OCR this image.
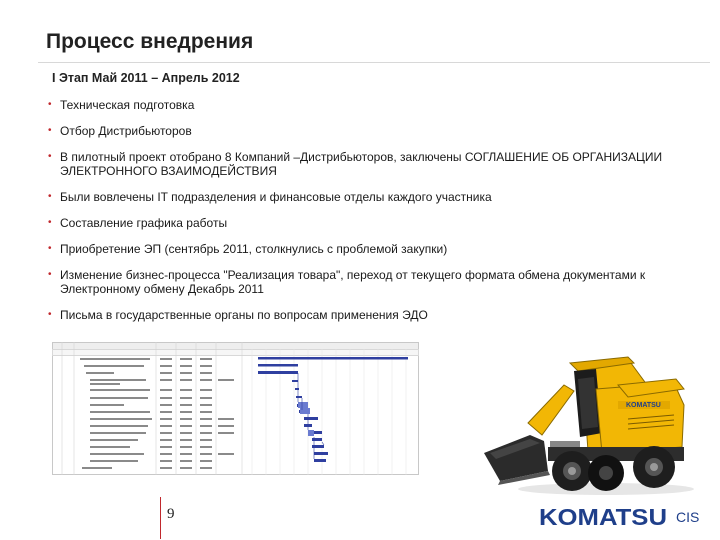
Процесс внедрения
I Этап Май 2011 – Апрель 2012
• Техническая подготовка
• Отбор Дистрибьюторов
• В пилотный проект отобрано 8 Компаний –Дистрибьюторов, заключены СОГЛАШЕНИЕ ОБ ОРГАНИЗАЦИИ ЭЛЕКТРОННОГО ВЗАИМОДЕЙСТВИЯ
• Были вовлечены IT подразделения и финансовые отделы каждого участника
• Составление графика работы
• Приобретение ЭП (сентябрь 2011, столкнулись с проблемой закупки)
• Изменение бизнес-процесса "Реализация товара", переход от текущего формата обмена документами к Электронному обмену Декабрь 2011
• Письма в государственные органы по вопросам применения ЭДО
KOMATSU
9	KOMATSU CIS
